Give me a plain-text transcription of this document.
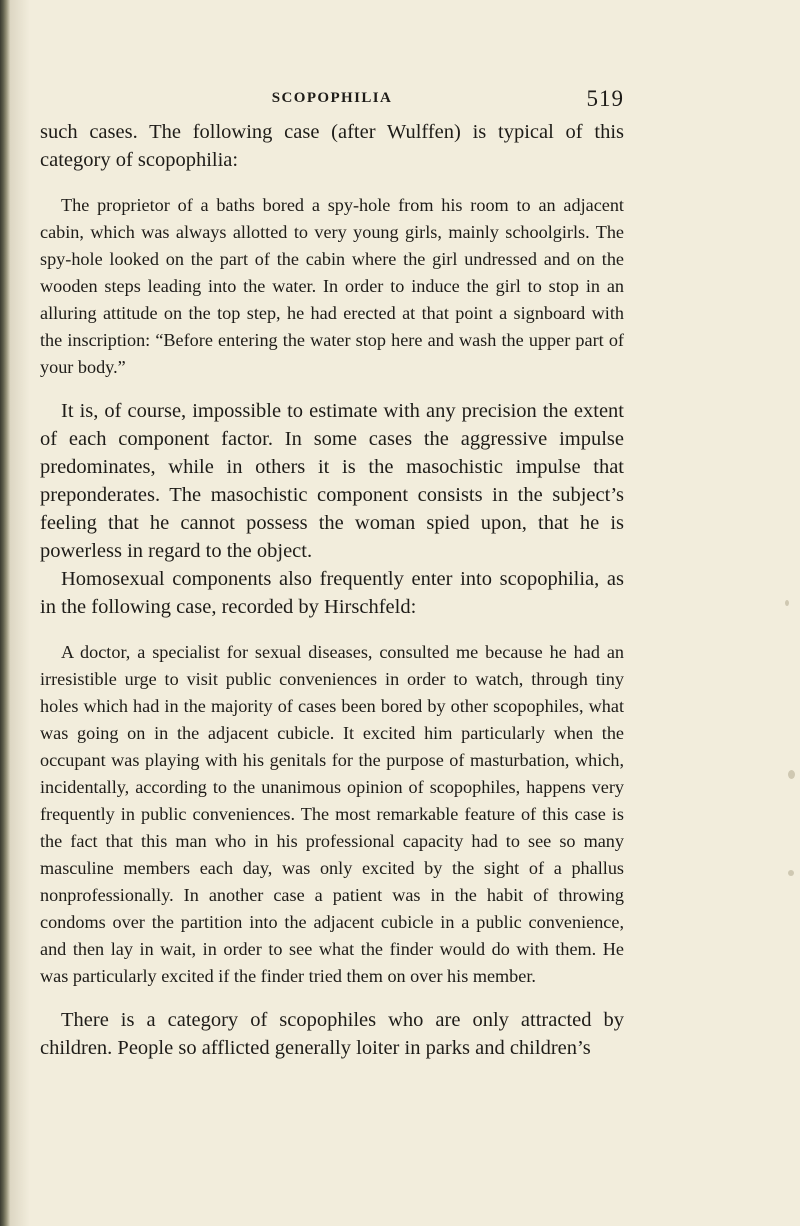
SCOPOPHILIA	519

such cases. The following case (after Wulffen) is typical of this category of scopophilia:

The proprietor of a baths bored a spy-hole from his room to an adjacent cabin, which was always allotted to very young girls, mainly schoolgirls. The spy-hole looked on the part of the cabin where the girl undressed and on the wooden steps leading into the water. In order to induce the girl to stop in an alluring attitude on the top step, he had erected at that point a signboard with the inscription: “Before entering the water stop here and wash the upper part of your body.”

It is, of course, impossible to estimate with any precision the extent of each component factor. In some cases the aggressive impulse predominates, while in others it is the masochistic impulse that preponderates. The masochistic component consists in the subject’s feeling that he cannot possess the woman spied upon, that he is powerless in regard to the object.

Homosexual components also frequently enter into scopophilia, as in the following case, recorded by Hirschfeld:

A doctor, a specialist for sexual diseases, consulted me because he had an irresistible urge to visit public conveniences in order to watch, through tiny holes which had in the majority of cases been bored by other scopophiles, what was going on in the adjacent cubicle. It excited him particularly when the occupant was playing with his genitals for the purpose of masturbation, which, incidentally, according to the unanimous opinion of scopophiles, happens very frequently in public conveniences. The most remarkable feature of this case is the fact that this man who in his professional capacity had to see so many masculine members each day, was only excited by the sight of a phallus nonprofessionally. In another case a patient was in the habit of throwing condoms over the partition into the adjacent cubicle in a public convenience, and then lay in wait, in order to see what the finder would do with them. He was particularly excited if the finder tried them on over his member.

There is a category of scopophiles who are only attracted by children. People so afflicted generally loiter in parks and children’s
